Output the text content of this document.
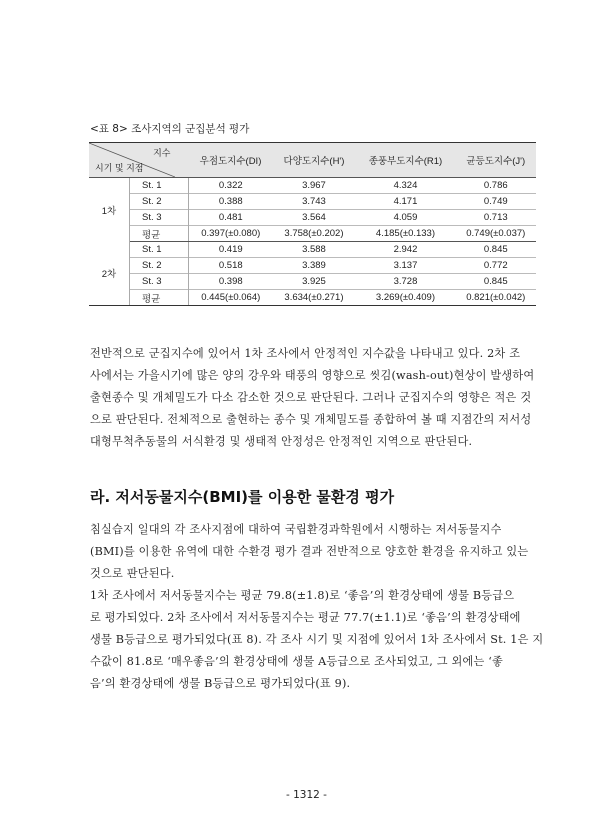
<표 8> 조사지역의 군집분석 평가
지수
시기 및 지점		우점도지수(DI)	다양도지수(H')	종풍부도지수(R1)	균등도지수(J')
1차	St. 1	0.322	3.967	4.324	0.786
	St. 2	0.388	3.743	4.171	0.749
	St. 3	0.481	3.564	4.059	0.713
	평균	0.397(±0.080)	3.758(±0.202)	4.185(±0.133)	0.749(±0.037)
2차	St. 1	0.419	3.588	2.942	0.845
	St. 2	0.518	3.389	3.137	0.772
	St. 3	0.398	3.925	3.728	0.845
	평균	0.445(±0.064)	3.634(±0.271)	3.269(±0.409)	0.821(±0.042)
전반적으로 군집지수에 있어서 1차 조사에서 안정적인 지수값을 나타내고 있다. 2차 조
사에서는 가을시기에 많은 양의 강우와 태풍의 영향으로 씻김(wash-out)현상이 발생하여
출현종수 및 개체밀도가 다소 감소한 것으로 판단된다. 그러나 군집지수의 영향은 적은 것
으로 판단된다. 전체적으로 출현하는 종수 및 개체밀도를 종합하여 볼 때 지점간의 저서성
대형무척추동물의 서식환경 및 생태적 안정성은 안정적인 지역으로 판단된다.
라. 저서동물지수(BMI)를 이용한 물환경 평가
침실습지 일대의 각 조사지점에 대하여 국립환경과학원에서 시행하는 저서동물지수
(BMI)를 이용한 유역에 대한 수환경 평가 결과 전반적으로 양호한 환경을 유지하고 있는
것으로 판단된다.
1차 조사에서 저서동물지수는 평균 79.8(±1.8)로 ‘좋음’의 환경상태에 생물 B등급으
로 평가되었다. 2차 조사에서 저서동물지수는 평균 77.7(±1.1)로 ‘좋음’의 환경상태에
생물 B등급으로 평가되었다(표 8). 각 조사 시기 및 지점에 있어서 1차 조사에서 St. 1은 지
수값이 81.8로 ‘매우좋음’의 환경상태에 생물 A등급으로 조사되었고, 그 외에는 ‘좋
음’의 환경상태에 생물 B등급으로 평가되었다(표 9).
- 1312 -
